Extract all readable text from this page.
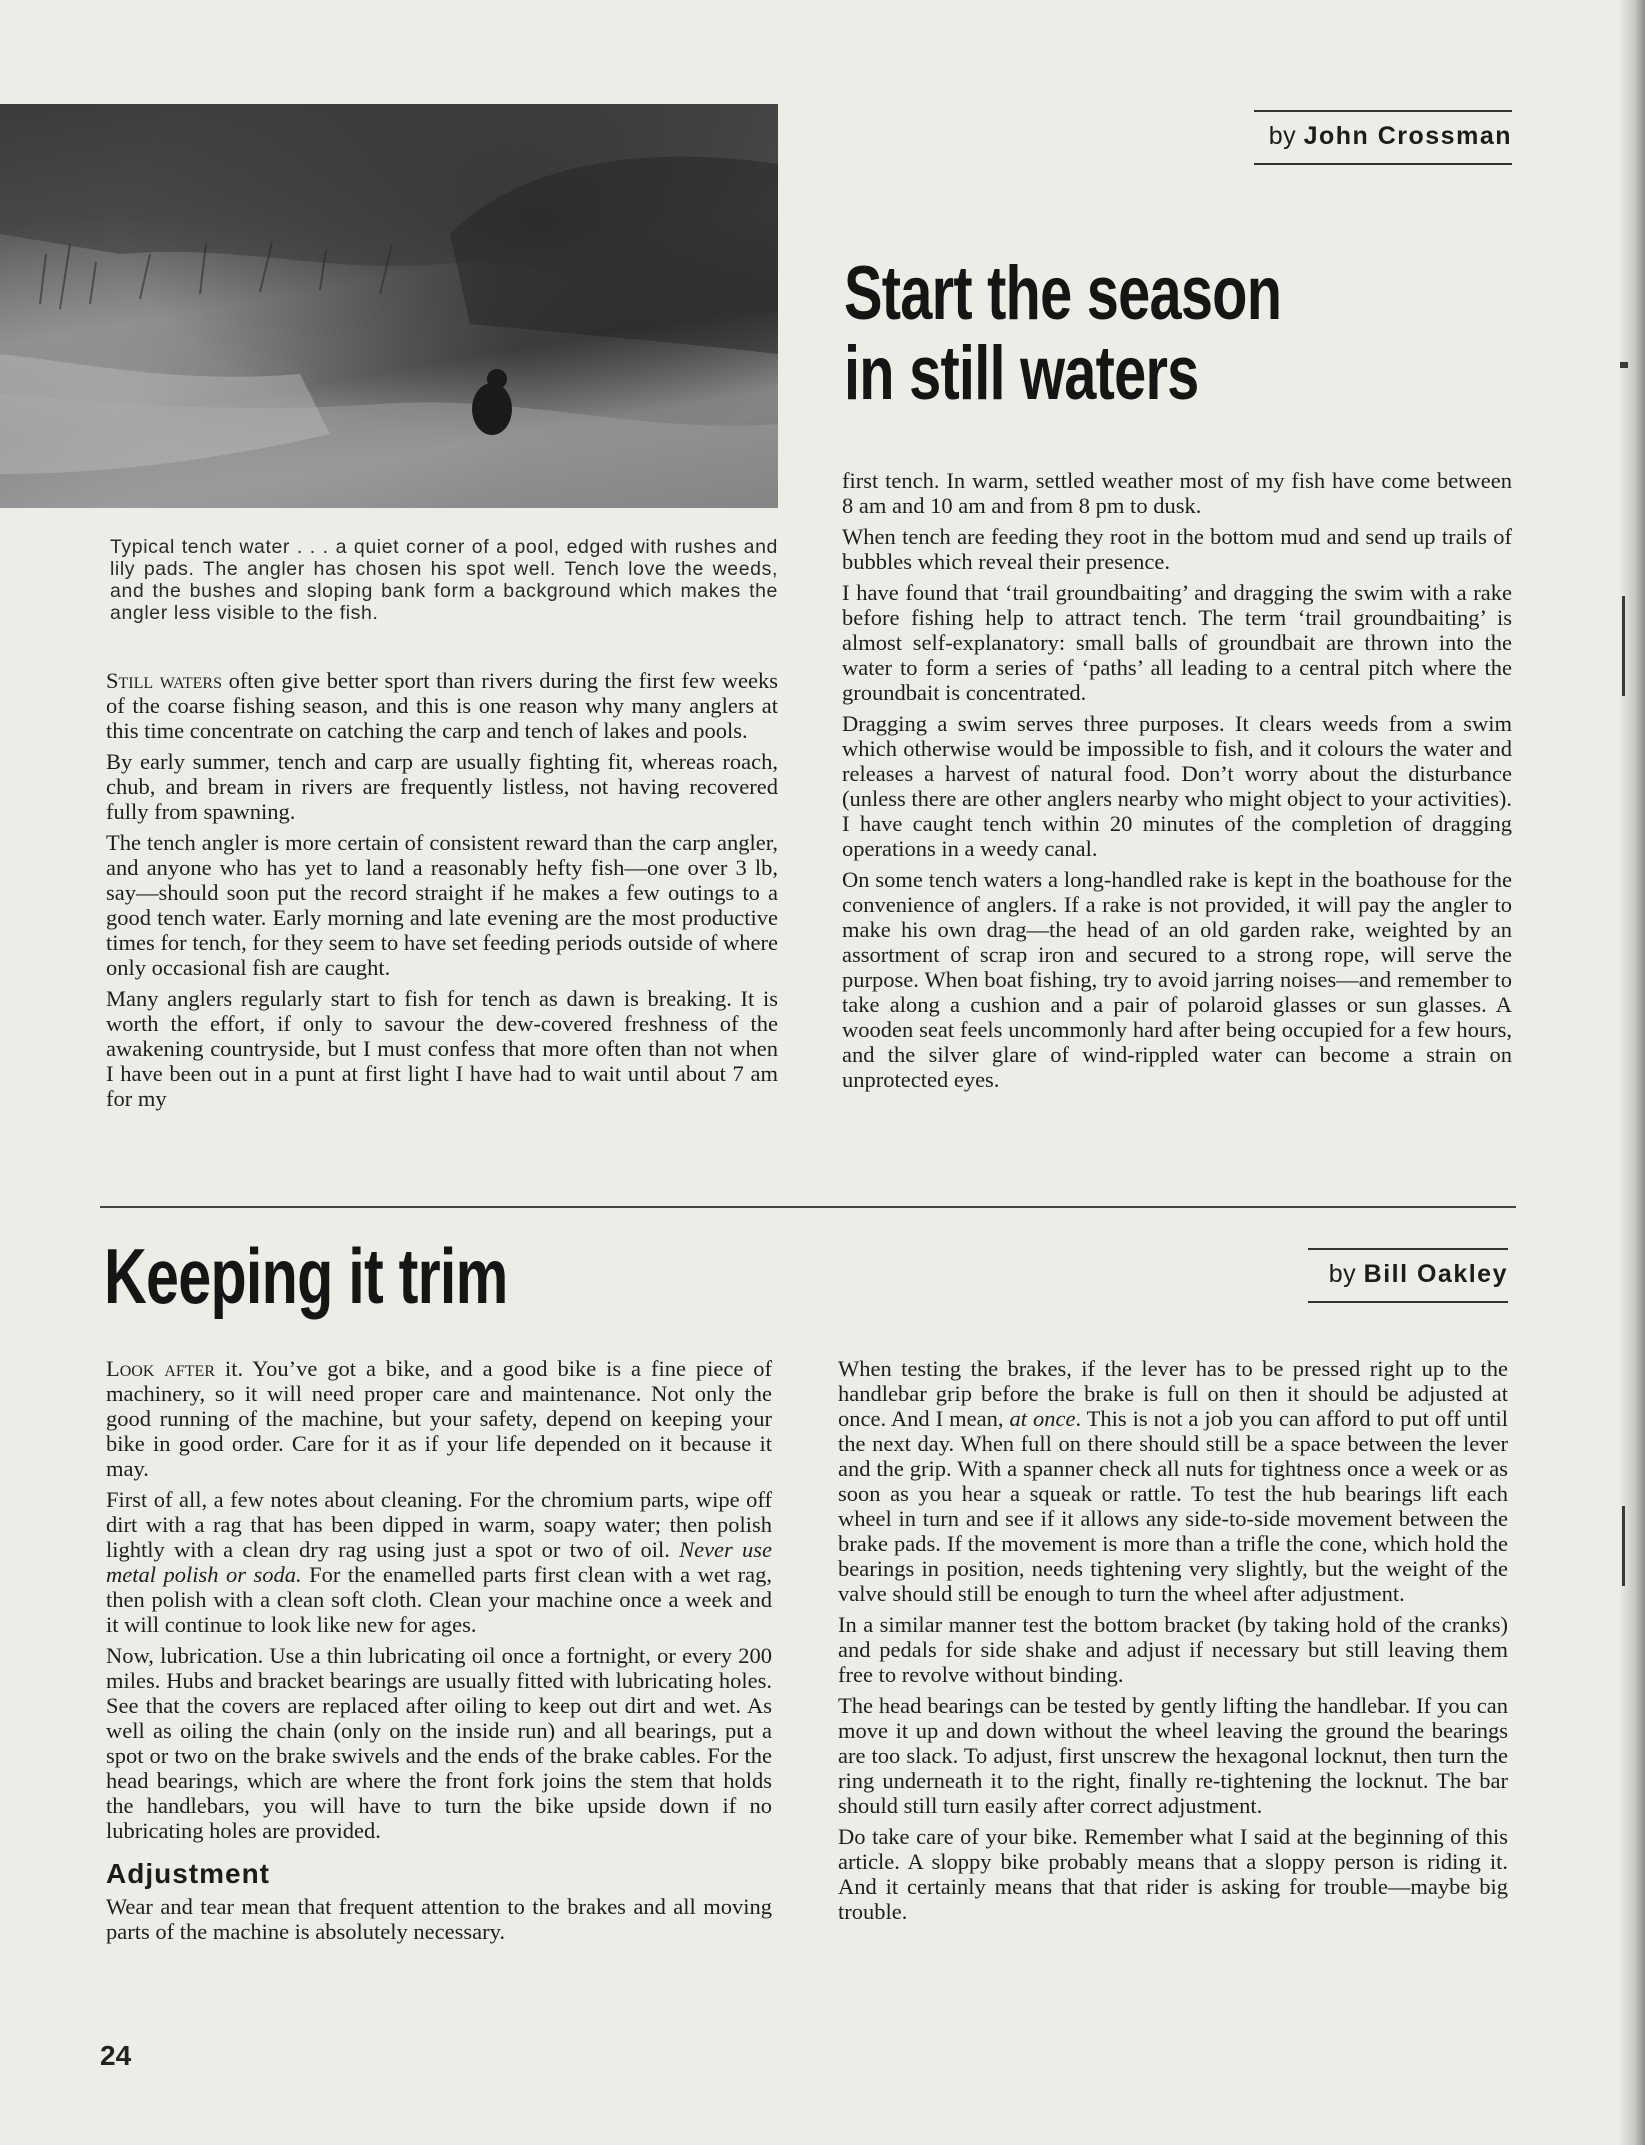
Typical tench water . . . a quiet corner of a pool, edged with rushes and lily pads. The angler has chosen his spot well. Tench love the weeds, and the bushes and sloping bank form a background which makes the angler less visible to the fish.
by John Crossman
Start the season
in still waters

Still waters often give better sport than rivers during the first few weeks of the coarse fishing season, and this is one reason why many anglers at this time concentrate on catching the carp and tench of lakes and pools.

By early summer, tench and carp are usually fighting fit, whereas roach, chub, and bream in rivers are frequently listless, not having recovered fully from spawning.

The tench angler is more certain of consistent reward than the carp angler, and anyone who has yet to land a reasonably hefty fish—one over 3 lb, say—should soon put the record straight if he makes a few outings to a good tench water. Early morning and late evening are the most productive times for tench, for they seem to have set feeding periods outside of where only occasional fish are caught.

Many anglers regularly start to fish for tench as dawn is breaking. It is worth the effort, if only to savour the dew-covered freshness of the awakening countryside, but I must confess that more often than not when I have been out in a punt at first light I have had to wait until about 7 am for my

first tench. In warm, settled weather most of my fish have come between 8 am and 10 am and from 8 pm to dusk.

When tench are feeding they root in the bottom mud and send up trails of bubbles which reveal their presence.

I have found that ‘trail groundbaiting’ and dragging the swim with a rake before fishing help to attract tench. The term ‘trail groundbaiting’ is almost self-explanatory: small balls of groundbait are thrown into the water to form a series of ‘paths’ all leading to a central pitch where the groundbait is concentrated.

Dragging a swim serves three purposes. It clears weeds from a swim which otherwise would be impossible to fish, and it colours the water and releases a harvest of natural food. Don’t worry about the disturbance (unless there are other anglers nearby who might object to your activities). I have caught tench within 20 minutes of the completion of dragging operations in a weedy canal.

On some tench waters a long-handled rake is kept in the boathouse for the convenience of anglers. If a rake is not provided, it will pay the angler to make his own drag—the head of an old garden rake, weighted by an assortment of scrap iron and secured to a strong rope, will serve the purpose. When boat fishing, try to avoid jarring noises—and remember to take along a cushion and a pair of polaroid glasses or sun glasses. A wooden seat feels uncommonly hard after being occupied for a few hours, and the silver glare of wind-rippled water can become a strain on unprotected eyes.

Keeping it trim	by Bill Oakley

Look after it. You’ve got a bike, and a good bike is a fine piece of machinery, so it will need proper care and maintenance. Not only the good running of the machine, but your safety, depend on keeping your bike in good order. Care for it as if your life depended on it because it may.

First of all, a few notes about cleaning. For the chromium parts, wipe off dirt with a rag that has been dipped in warm, soapy water; then polish lightly with a clean dry rag using just a spot or two of oil. Never use metal polish or soda. For the enamelled parts first clean with a wet rag, then polish with a clean soft cloth. Clean your machine once a week and it will continue to look like new for ages.

Now, lubrication. Use a thin lubricating oil once a fortnight, or every 200 miles. Hubs and bracket bearings are usually fitted with lubricating holes. See that the covers are replaced after oiling to keep out dirt and wet. As well as oiling the chain (only on the inside run) and all bearings, put a spot or two on the brake swivels and the ends of the brake cables. For the head bearings, which are where the front fork joins the stem that holds the handlebars, you will have to turn the bike upside down if no lubricating holes are provided.

Adjustment

Wear and tear mean that frequent attention to the brakes and all moving parts of the machine is absolutely necessary.

When testing the brakes, if the lever has to be pressed right up to the handlebar grip before the brake is full on then it should be adjusted at once. And I mean, at once. This is not a job you can afford to put off until the next day. When full on there should still be a space between the lever and the grip. With a spanner check all nuts for tightness once a week or as soon as you hear a squeak or rattle. To test the hub bearings lift each wheel in turn and see if it allows any side-to-side movement between the brake pads. If the movement is more than a trifle the cone, which hold the bearings in position, needs tightening very slightly, but the weight of the valve should still be enough to turn the wheel after adjustment.

In a similar manner test the bottom bracket (by taking hold of the cranks) and pedals for side shake and adjust if necessary but still leaving them free to revolve without binding.

The head bearings can be tested by gently lifting the handlebar. If you can move it up and down without the wheel leaving the ground the bearings are too slack. To adjust, first unscrew the hexagonal locknut, then turn the ring underneath it to the right, finally re-tightening the locknut. The bar should still turn easily after correct adjustment.

Do take care of your bike. Remember what I said at the beginning of this article. A sloppy bike probably means that a sloppy person is riding it. And it certainly means that that rider is asking for trouble—maybe big trouble.

24
